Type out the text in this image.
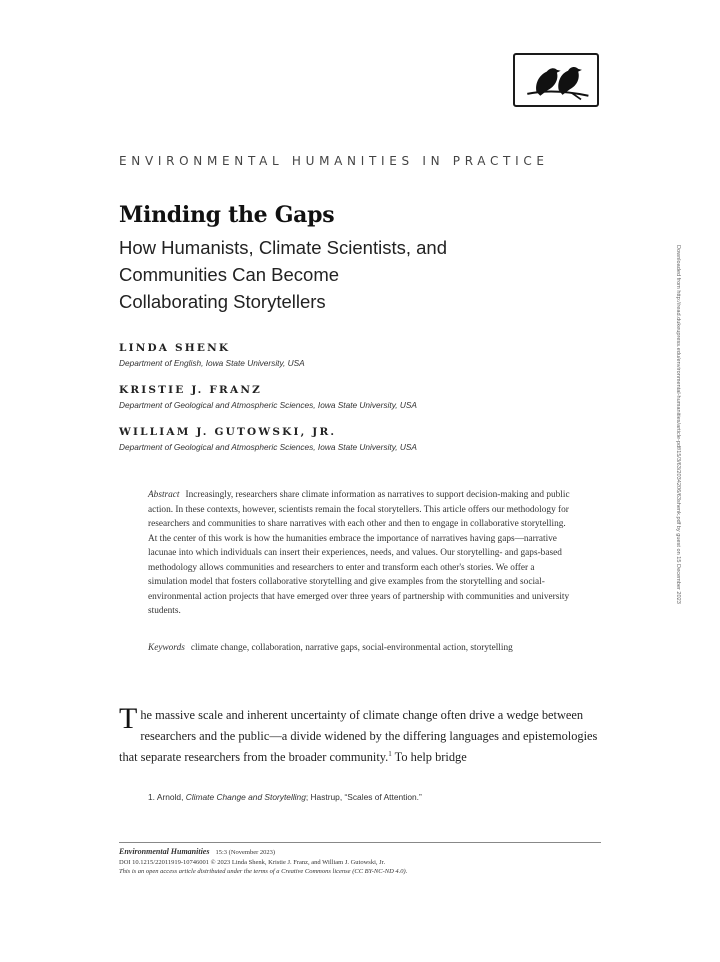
ENVIRONMENTAL HUMANITIES IN PRACTICE
Minding the Gaps
How Humanists, Climate Scientists, and Communities Can Become Collaborating Storytellers	Downloaded from http://read.dukeupress.edu/environmental-humanities/article-pdf/15/3/63/2034206/63shenk.pdf by guest on 15 December 2023
LINDA SHENK
Department of English, Iowa State University, USA
KRISTIE J. FRANZ
Department of Geological and Atmospheric Sciences, Iowa State University, USA
WILLIAM J. GUTOWSKI, JR.
Department of Geological and Atmospheric Sciences, Iowa State University, USA
Abstract Increasingly, researchers share climate information as narratives to support decision-making and public action. In these contexts, however, scientists remain the focal storytellers. This article offers our methodology for researchers and communities to share narratives with each other and then to engage in collaborative storytelling. At the center of this work is how the humanities embrace the importance of narratives having gaps—narrative lacunae into which individuals can insert their experiences, needs, and values. Our storytelling- and gaps-based methodology allows communities and researchers to enter and transform each other's stories. We offer a simulation model that fosters collaborative storytelling and give examples from the storytelling and social-environmental action projects that have emerged over three years of partnership with communities and university students.
Keywords climate change, collaboration, narrative gaps, social-environmental action, storytelling
The massive scale and inherent uncertainty of climate change often drive a wedge between researchers and the public—a divide widened by the differing languages and epistemologies that separate researchers from the broader community.$^1$ To help bridge
1. Arnold, Climate Change and Storytelling; Hastrup, “Scales of Attention.”
Environmental Humanities 15:3 (November 2023)
DOI 10.1215/22011919-10746001 © 2023 Linda Shenk, Kristie J. Franz, and William J. Gutowski, Jr.
This is an open access article distributed under the terms of a Creative Commons license (CC BY-NC-ND 4.0).
